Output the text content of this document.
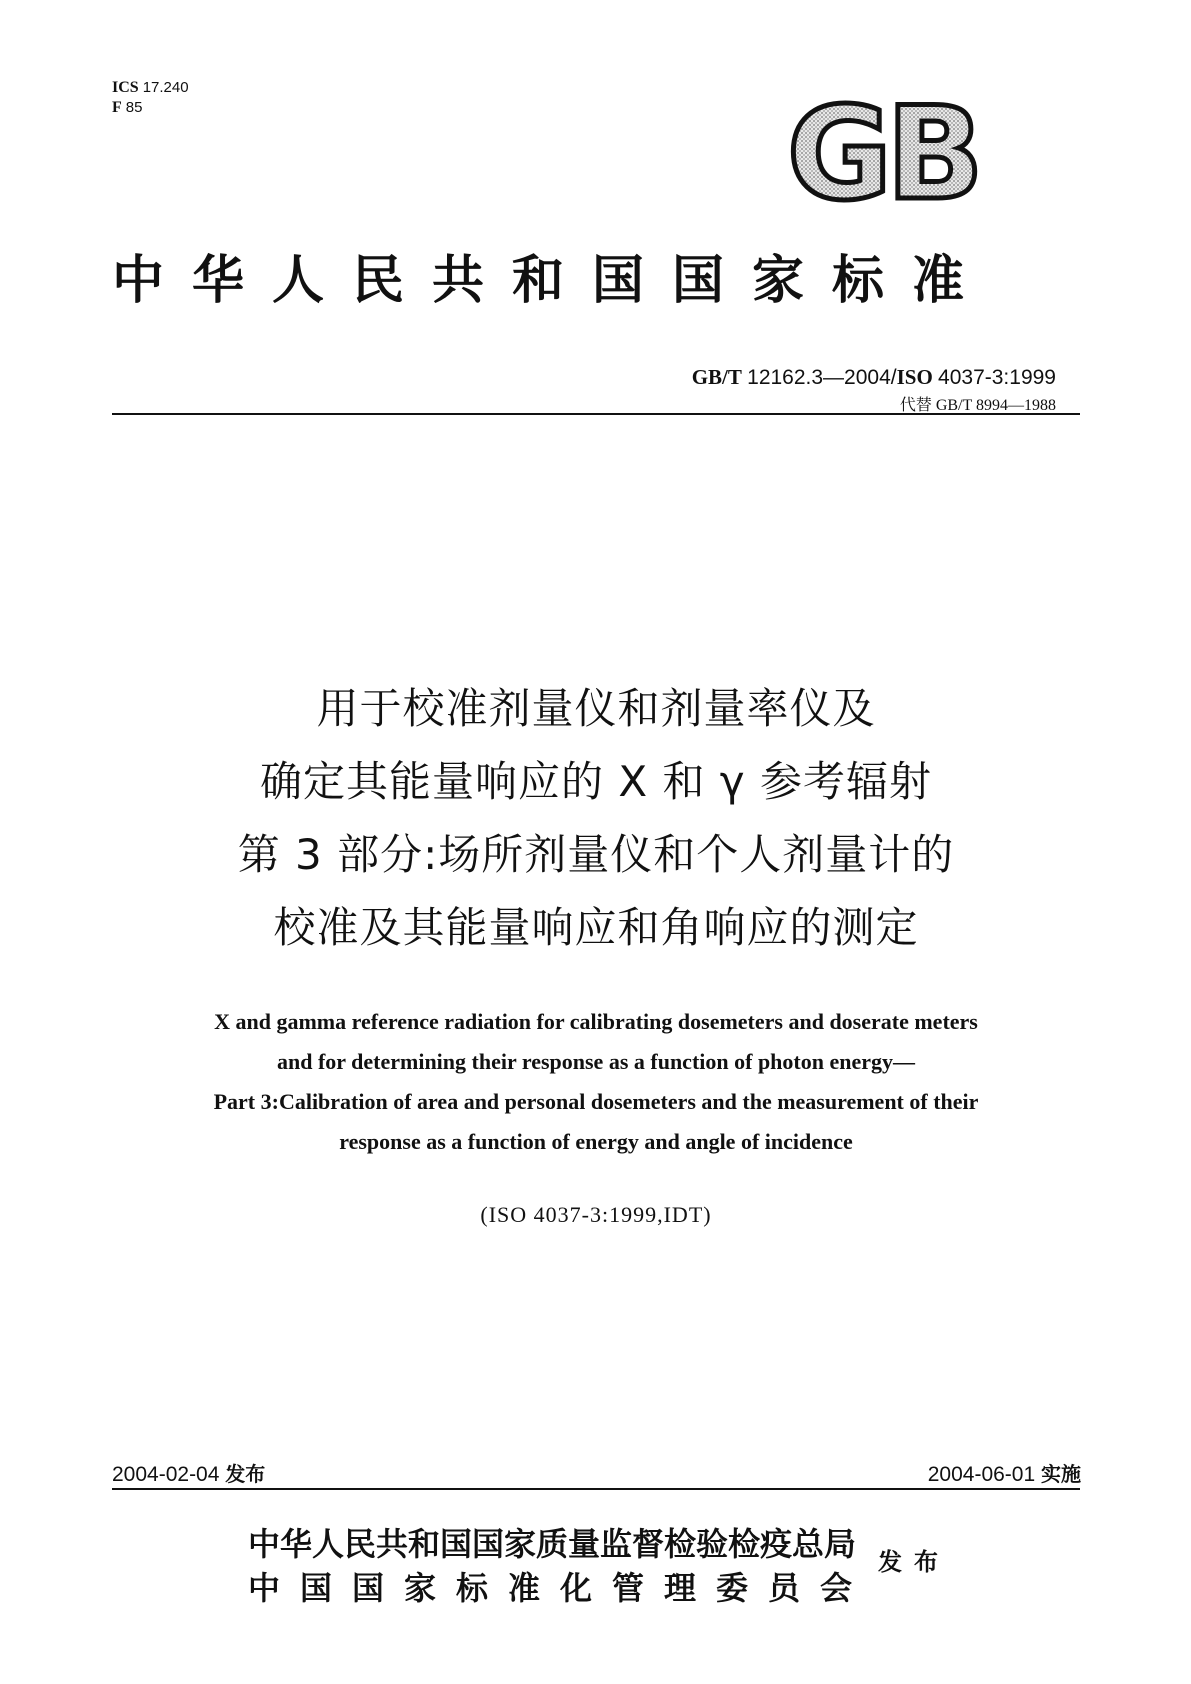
ICS 17.240
F 85	GB
中华人民共和国国家标准
GB/T 12162.3—2004/ISO 4037-3:1999
代替 GB/T 8994—1988
用于校准剂量仪和剂量率仪及
确定其能量响应的 X 和 γ 参考辐射
第 3 部分:场所剂量仪和个人剂量计的
校准及其能量响应和角响应的测定
X and gamma reference radiation for calibrating dosemeters and doserate meters
and for determining their response as a function of photon energy—
Part 3:Calibration of area and personal dosemeters and the measurement of their
response as a function of energy and angle of incidence
(ISO 4037-3:1999,IDT)
2004-02-04 发布	2004-06-01 实施
中华人民共和国国家质量监督检验检疫总局
中国国家标准化管理委员会
发布
